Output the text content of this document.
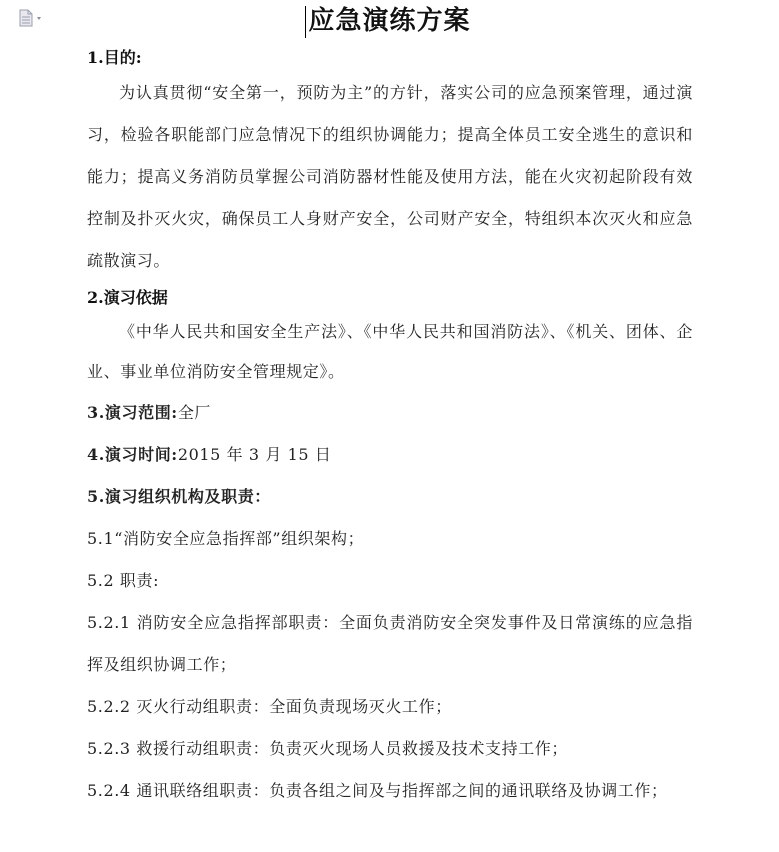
应急演练方案
1.目的:
为认真贯彻“安全第一，预防为主”的方针，落实公司的应急预案管理，通过演习，检验各职能部门应急情况下的组织协调能力；提高全体员工安全逃生的意识和能力；提高义务消防员掌握公司消防器材性能及使用方法，能在火灾初起阶段有效控制及扑灭火灾，确保员工人身财产安全，公司财产安全，特组织本次灭火和应急疏散演习。
2.演习依据
《中华人民共和国安全生产法》、《中华人民共和国消防法》、《机关、团体、企业、事业单位消防安全管理规定》。
3.演习范围:全厂
4.演习时间:2015 年 3 月 15 日
5.演习组织机构及职责：
5.1“消防安全应急指挥部”组织架构；
5.2 职责:
5.2.1 消防安全应急指挥部职责：全面负责消防安全突发事件及日常演练的应急指挥及组织协调工作；
5.2.2 灭火行动组职责：全面负责现场灭火工作；
5.2.3 救援行动组职责：负责灭火现场人员救援及技术支持工作；
5.2.4 通讯联络组职责：负责各组之间及与指挥部之间的通讯联络及协调工作；
